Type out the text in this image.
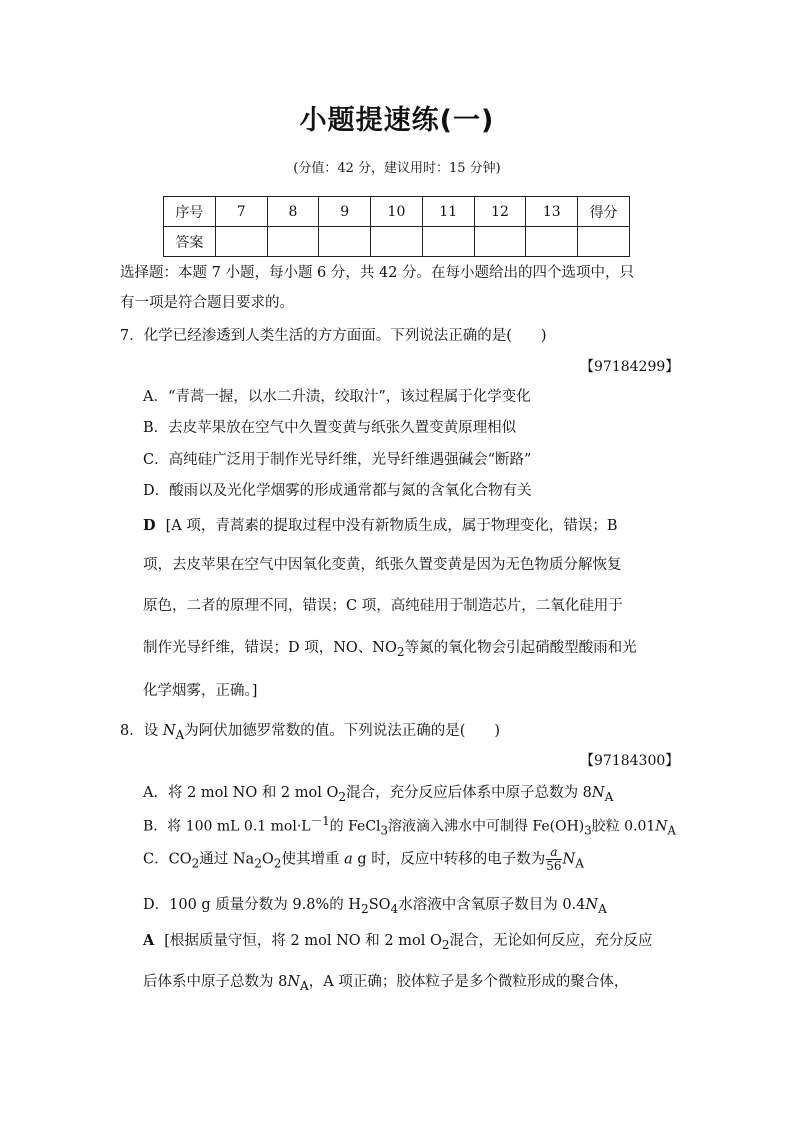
小题提速练(一)
(分值：42 分，建议用时：15 分钟)
序号	7	8	9	10	11	12	13	得分
答案								

选择题：本题 7 小题，每小题 6 分，共 42 分。在每小题给出的四个选项中，只

有一项是符合题目要求的。

7．化学已经渗透到人类生活的方方面面。下列说法正确的是(　　)

【97184299】

A．“青蒿一握，以水二升渍，绞取汁”，该过程属于化学变化

B．去皮苹果放在空气中久置变黄与纸张久置变黄原理相似

C．高纯硅广泛用于制作光导纤维，光导纤维遇强碱会“断路”

D．酸雨以及光化学烟雾的形成通常都与氮的含氧化合物有关

D [A 项，青蒿素的提取过程中没有新物质生成，属于物理变化，错误；B

项，去皮苹果在空气中因氧化变黄，纸张久置变黄是因为无色物质分解恢复

原色，二者的原理不同，错误；C 项，高纯硅用于制造芯片，二氧化硅用于

制作光导纤维，错误；D 项，NO、$NO_2$等氮的氧化物会引起硝酸型酸雨和光

化学烟雾，正确。]

8．设 $N_A$为阿伏加德罗常数的值。下列说法正确的是(　　)

【97184300】

A．将 2 mol NO 和 2 mol $O_2$混合，充分反应后体系中原子总数为 $8N_A$

B．将 100 mL 0.1 $mol\cdot L^{-1}$的 FeCl$_3$溶液滴入沸水中可制得 $Fe(OH)_3$胶粒 $0.01N_A$

C．$CO_2$通过 $Na_2O_2$使其增重 a g 时，反应中转移的电子数为 $\frac{a}{56} N_A$

D．100 g 质量分数为 9.8%的 $H_2SO_4$水溶液中含氧原子数目为 $0.4N_A$

A [根据质量守恒，将 2 mol NO 和 2 mol $O_2$混合，无论如何反应，充分反应

后体系中原子总数为 $8N_A$，A 项正确；胶体粒子是多个微粒形成的聚合体，
